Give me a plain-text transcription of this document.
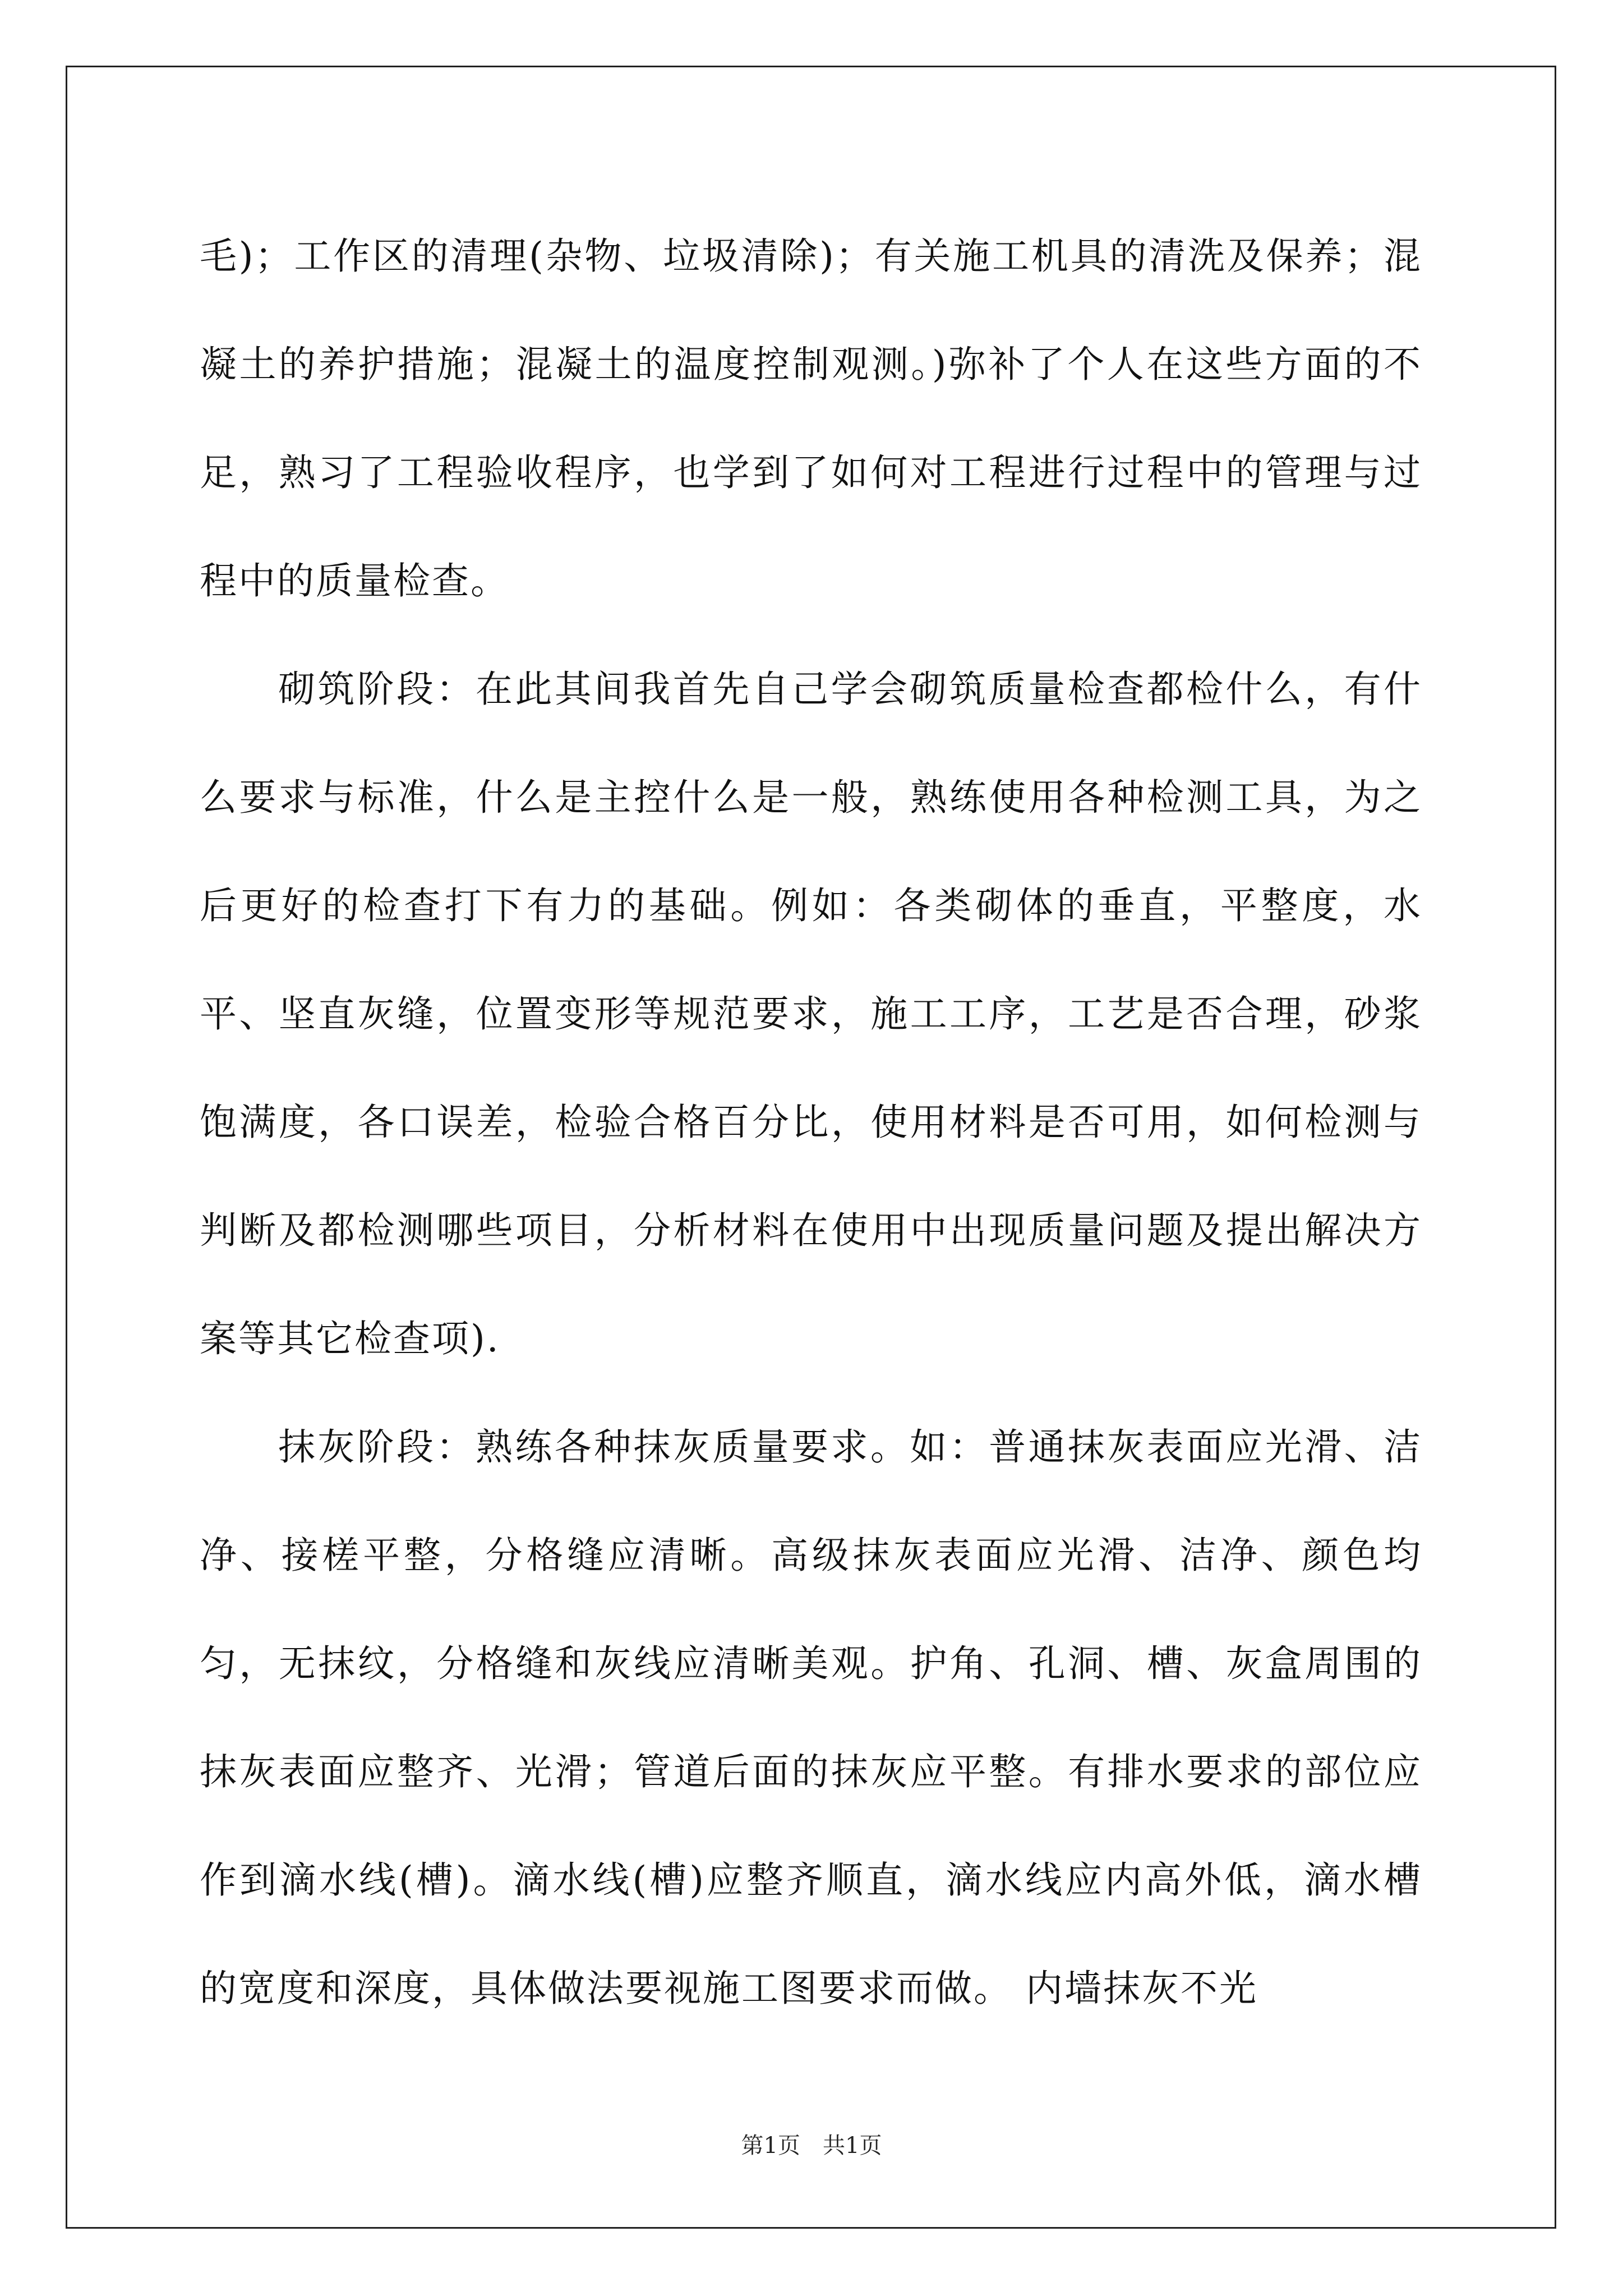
毛)；工作区的清理(杂物、垃圾清除)；有关施工机具的清洗及保养；混凝土的养护措施；混凝土的温度控制观测。)弥补了个人在这些方面的不足，熟习了工程验收程序，也学到了如何对工程进行过程中的管理与过程中的质量检查。

砌筑阶段：在此其间我首先自己学会砌筑质量检查都检什么，有什么要求与标准，什么是主控什么是一般，熟练使用各种检测工具，为之后更好的检查打下有力的基础。例如：各类砌体的垂直，平整度，水平、坚直灰缝，位置变形等规范要求，施工工序，工艺是否合理，砂浆饱满度，各口误差，检验合格百分比，使用材料是否可用，如何检测与判断及都检测哪些项目，分析材料在使用中出现质量问题及提出解决方案等其它检查项).

抹灰阶段：熟练各种抹灰质量要求。如：普通抹灰表面应光滑、洁净、接槎平整，分格缝应清晰。高级抹灰表面应光滑、洁净、颜色均匀，无抹纹，分格缝和灰线应清晰美观。护角、孔洞、槽、灰盒周围的抹灰表面应整齐、光滑；管道后面的抹灰应平整。有排水要求的部位应作到滴水线(槽)。滴水线(槽)应整齐顺直，滴水线应内高外低，滴水槽的宽度和深度，具体做法要视施工图要求而做。 内墙抹灰不光

第1页　共1页
